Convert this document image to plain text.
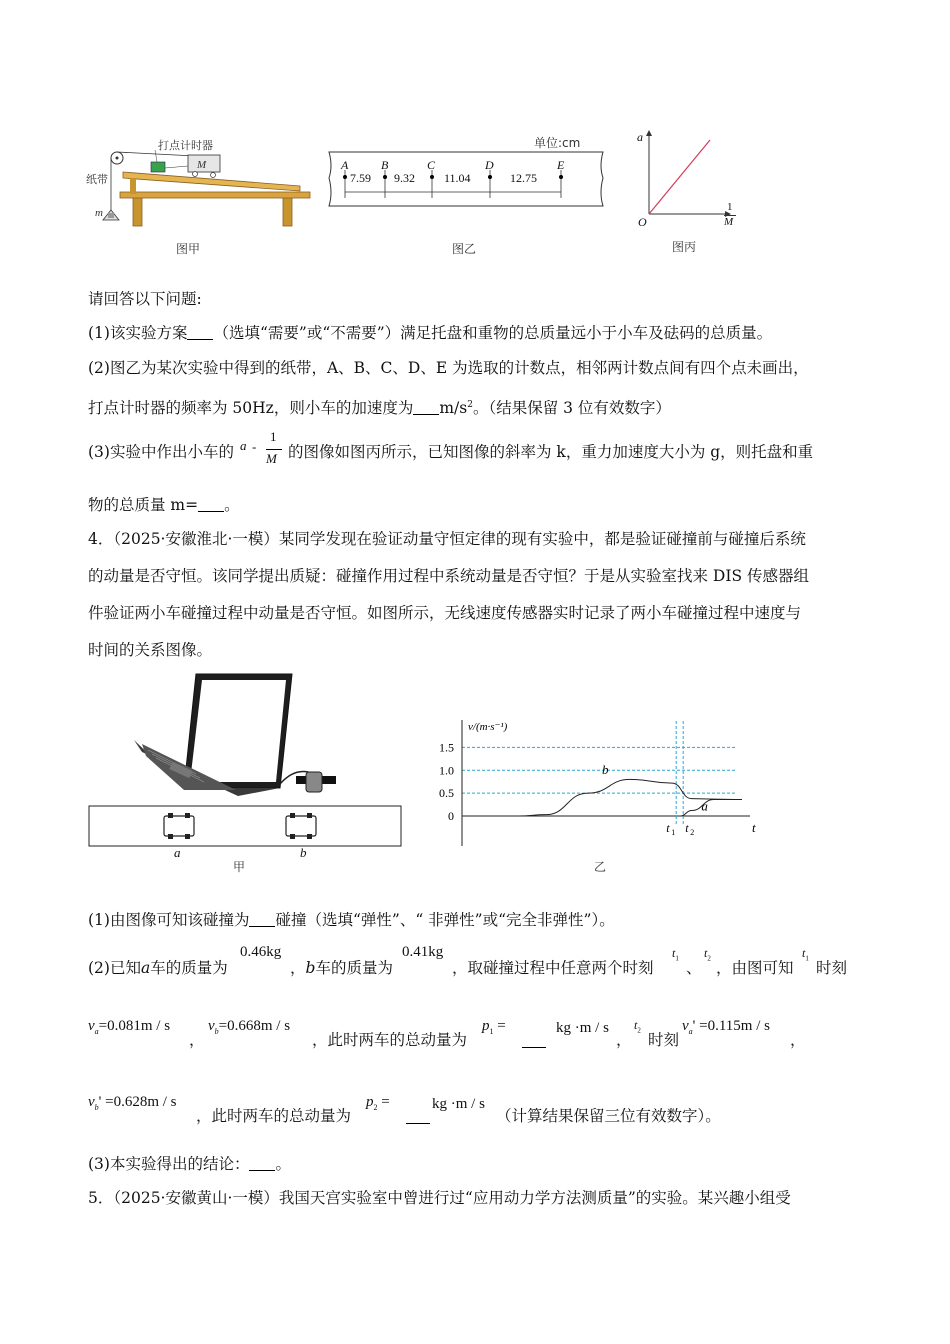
打点计时器
纸带
m
M
图甲
单位:cm
A	B	C	D	E
7.59 9.32 11.04	12.75
图乙
a
O
1
M
图丙
请回答以下问题:
(1)该实验方案 （选填“需要”或“不需要”）满足托盘和重物的总质量远小于小车及砝码的总质量。
(2)图乙为某次实验中得到的纸带，A、B、C、D、E 为选取的计数点，相邻两计数点间有四个点未画出，
打点计时器的频率为 50Hz，则小车的加速度为 $m/s^2$。（结果保留 3 位有效数字）
(3)实验中作出小车的 a -
1
M 的图像如图丙所示，已知图像的斜率为 k，重力加速度大小为 g，则托盘和重
物的总质量 m= 。
4．（2025·安徽淮北·一模）某同学发现在验证动量守恒定律的现有实验中，都是验证碰撞前与碰撞后系统
的动量是否守恒。该同学提出质疑：碰撞作用过程中系统动量是否守恒？于是从实验室找来 DIS 传感器组
件验证两小车碰撞过程中动量是否守恒。如图所示，无线速度传感器实时记录了两小车碰撞过程中速度与
时间的关系图像。
a	b
甲
1.5
1.0
0.5
0
v/(m·s⁻¹)
t
b
a
t 1 t 2
乙
(1)由图像可知该碰撞为 碰撞（选填“弹性”、“ 非弹性”或“完全非弹性”）。
(2)已知a车的质量为
0.46kg
，b车的质量为
0.41kg
，取碰撞过程中任意两个时刻
$t_1$
、
$t_2$
，由图可知
$t_1$
时刻
$v_a=0.081m / s$
，
$v_b=0.668m / s$
，此时两车的总动量为
$p_1$ =	kg ·m / s
，
$t_2$
时刻
$v_a' =0.115m / s$
，
$v_b' =0.628m / s$
，此时两车的总动量为
$p_2$ =	kg ·m / s
（计算结果保留三位有效数字）。
(3)本实验得出的结论： 。
5．（2025·安徽黄山·一模）我国天宫实验室中曾进行过“应用动力学方法测质量”的实验。某兴趣小组受
